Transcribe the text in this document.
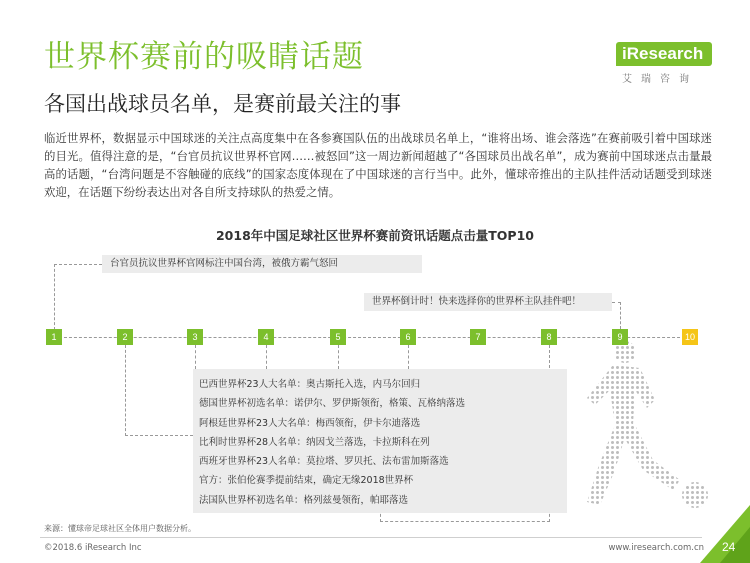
世界杯赛前的吸睛话题
各国出战球员名单，是赛前最关注的事
iResearch
艾瑞咨询
临近世界杯，数据显示中国球迷的关注点高度集中在各参赛国队伍的出战球员名单上，“谁将出场、谁会落选”在赛前吸引着中国球迷的目光。值得注意的是，“台官员抗议世界杯官网……被怒回”这一周边新闻超越了“各国球员出战名单”，成为赛前中国球迷点击量最高的话题，“台湾问题是不容触碰的底线”的国家态度体现在了中国球迷的言行当中。此外，懂球帝推出的主队挂件活动话题受到球迷欢迎，在话题下纷纷表达出对各自所支持球队的热爱之情。
2018年中国足球社区世界杯赛前资讯话题点击量TOP10
台官员抗议世界杯官网标注中国台湾，被俄方霸气怒回
世界杯倒计时！快来选择你的世界杯主队挂件吧！
1	2	3	4	5	6	7	8	9	10
巴西世界杯23人大名单：奥古斯托入选，内马尔回归
德国世界杯初选名单：诺伊尔、罗伊斯领衔，格策、瓦格纳落选
阿根廷世界杯23人大名单：梅西领衔，伊卡尔迪落选
比利时世界杯28人名单：纳因戈兰落选，卡拉斯科在列
西班牙世界杯23人名单：莫拉塔、罗贝托、法布雷加斯落选
官方：张伯伦赛季提前结束，确定无缘2018世界杯
法国队世界杯初选名单：格列兹曼领衔，帕耶落选
来源：懂球帝足球社区全体用户数据分析。
©2018.6 iResearch Inc	www.iresearch.com.cn 24
